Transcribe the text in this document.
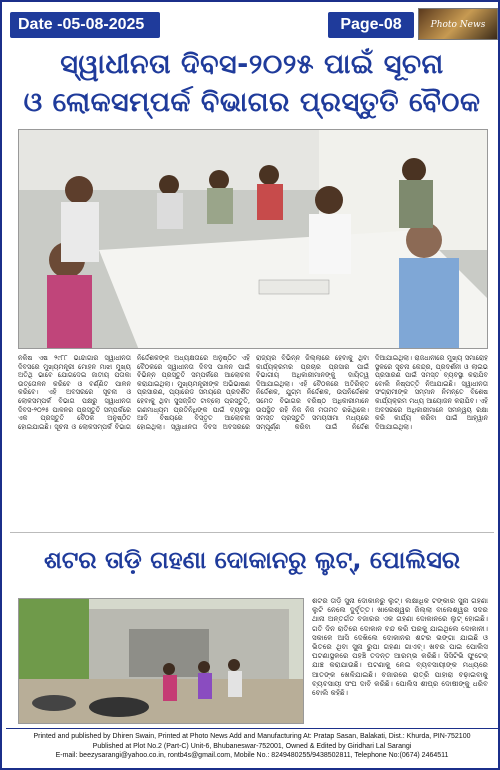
Date -05-08-2025	Page-08	Photo News Times
ସ୍ୱାଧୀନତା ଦିବସ-୨୦୨୫ ପାଇଁ ସୂଚନା
ଓ ଲୋକସମ୍ପର୍କ ବିଭାଗର ପ୍ରସ୍ତୁତି ବୈଠକ
ନକିଷ ଏଷ ୨୯୮୮ ଭାନ୍ଦାଗାର ସ୍ୱାଧୀନତା ଦିବସରେ ମୁଖ୍ୟମନ୍ତ୍ରୀ ମୋହନ ମାଝୀ ମୁଖ୍ୟ ଅତିଥି ଭାବେ ଯୋଗଦେଇ ଜାତୀୟ ପତାକା ଉତ୍ତୋଳନ କରିବେ ଓ ବର୍ଣ୍ଣିତ ପାଳନ କରିବେ। ଏହି ଅବସରରେ ସୂଚନା ଓ ଲୋକସମ୍ପର୍କ ବିଭାଗ ପକ୍ଷରୁ ସ୍ୱାଧୀନତା ଦିବସ-୨୦୨୫ ପାଳନର ପ୍ରସ୍ତୁତି ସମ୍ପର୍କରେ ଏକ ପ୍ରସ୍ତୁତି ବୈଠକ ଅନୁଷ୍ଠିତ ହୋଇଯାଇଛି। ସୂଚନା ଓ ଲୋକସମ୍ପର୍କ ବିଭାଗ ନିର୍ଦ୍ଦେଶକଙ୍କ ଅଧ୍ୟକ୍ଷତାରେ ଅନୁଷ୍ଠିତ ଏହି ବୈଠକରେ ସ୍ୱାଧୀନତା ଦିବସ ପାଳନ ପାଇଁ ବିଭିନ୍ନ ପ୍ରସ୍ତୁତି ସମ୍ପର୍କରେ ଆଲୋଚନା କରାଯାଇଥିଲା। ମୁଖ୍ୟମନ୍ତ୍ରୀଙ୍କ ଅଭିଭାଷଣ ପ୍ରସାରଣ, ପ୍ୟାରେଡ ସମୟରେ ପ୍ରଦର୍ଶିତ ହେବାକୁ ଥିବା ସୁସଜ୍ଜିତ ଟାବ୍ଲୋ ପ୍ରସ୍ତୁତି, ଗଣମାଧ୍ୟମ ପ୍ରତିନିଧିଙ୍କ ପାଇଁ ବ୍ୟବସ୍ଥା ଆଦି ବିଷୟରେ ବିସ୍ତୃତ ଆଲୋଚନା ହୋଇଥିଲା। ସ୍ୱାଧୀନତା ଦିବସ ଅବସରରେ ରାଜ୍ୟର ବିଭିନ୍ନ ଜିଲ୍ଲାରେ ହେବାକୁ ଥିବା କାର୍ଯ୍ୟକ୍ରମର ପ୍ରଚାର ପ୍ରସାର ପାଇଁ ବିଭାଗୀୟ ଅଧିକାରୀମାନଙ୍କୁ ଦାୟିତ୍ୱ ଦିଆଯାଇଥିଲା। ଏହି ବୈଠକରେ ଅତିରିକ୍ତ ନିର୍ଦ୍ଦେଶକ, ଯୁଗ୍ମ ନିର୍ଦ୍ଦେଶକ, ଉପନିର୍ଦ୍ଦେଶକ ସମେତ ବିଭାଗର ବରିଷ୍ଠ ଅଧିକାରୀମାନେ ଉପସ୍ଥିତ ରହି ନିଜ ନିଜ ମତାମତ ରଖିଥିଲେ। ସମସ୍ତ ପ୍ରସ୍ତୁତି ସମୟସୀମା ମଧ୍ୟରେ ସମ୍ପୂର୍ଣ୍ଣ କରିବା ପାଇଁ ନିର୍ଦ୍ଦେଶ ଦିଆଯାଇଥିଲା। ରାଜଧାନୀରେ ମୁଖ୍ୟ ସମାରୋହ ସ୍ଥଳରେ ସୂଚନା କେନ୍ଦ୍ର, ପ୍ରଦର୍ଶନୀ ଓ ଲାଇଭ ପ୍ରସାରଣ ପାଇଁ ସମସ୍ତ ବ୍ୟବସ୍ଥା କରାଯିବ ବୋଲି ନିଷ୍ପତ୍ତି ନିଆଯାଇଛି। ସ୍ୱାଧୀନତା ସଂଗ୍ରାମୀଙ୍କ ସମ୍ମାନ ନିମନ୍ତେ ବିଶେଷ କାର୍ଯ୍ୟକ୍ରମ ମଧ୍ୟ ଆୟୋଜନ କରାଯିବ। ଏହି ଅବସରରେ ଅଧିକାରୀମାନେ ସମନ୍ୱୟ ରକ୍ଷା କରି କାର୍ଯ୍ୟ କରିବା ପାଇଁ ଆହ୍ୱାନ ଦିଆଯାଇଥିଲା।
ଶଟର ତାଡ଼ି ଗହଣା ଦୋକାନରୁ ଲୁଟ୍, ପୋଲିସର

ଶଟର ତାଡ଼ି ସୁନା ଦୋକାନରୁ ଲୁଟ୍। ଲକ୍ଷାଧିକ ଟଙ୍କାର ସୁନା ଗହଣା ଲୁଟି ନେଲେ ଦୁର୍ବୃତ୍ତ। ଖାଲେଶ୍ୱର ଜିଲ୍ଲା ବାଲେଶ୍ୱର ସଦର ଥାନା ଅନ୍ତର୍ଗତ ବଜାରର ଏକ ଗହଣା ଦୋକାନରେ ଲୁଟ୍ ହୋଇଛି। ଗତି ଦିନ ରାତିରେ ଦୋକାନ ବନ୍ଦ କରି ଘରକୁ ଯାଇଥିଲେ ଦୋକାନୀ। ସକାଳେ ଆସି ଦେଖିଲେ ଦୋକାନର ଶଟର ଭଙ୍ଗା ଯାଇଛି ଓ ଭିତରେ ଥିବା ସୁନା ରୁପା ଗହଣା ଗାଏବ୍। ଖବର ପାଇ ପୋଲିସ ଘଟଣାସ୍ଥଳରେ ପହଞ୍ଚି ତଦନ୍ତ ଆରମ୍ଭ କରିଛି। ସିସିଟିଭି ଫୁଟେଜ୍ ଯାଞ୍ଚ କରାଯାଉଛି। ଘଟଣାକୁ ନେଇ ବ୍ୟବସାୟୀଙ୍କ ମଧ୍ୟରେ ଆତଙ୍କ ଖେଳିଯାଇଛି। ବଜାରରେ ରାତ୍ରି ପାହାରା ବଢ଼ାଇବାକୁ ବ୍ୟବସାୟୀ ସଂଘ ଦାବି କରିଛି। ପୋଲିସ ଶୀଘ୍ର ଦୋଷୀଙ୍କୁ ଧରିବ ବୋଲି କହିଛି।

Printed and published by Dhiren Swain, Printed at Photo News Add and Manufacturing At: Pratap Sasan, Balakati, Dist.: Khurda, PIN-752100
Published at Plot No.2 (Part-C) Unit-6, Bhubaneswar-752001, Owned & Edited by Giridhari Lal Sarangi
E-mail: beezysarangi@yahoo.co.in, rontb4s@gmail.com, Mobile No.: 8249480255/9438502811, Telephone No:(0674) 2464511
